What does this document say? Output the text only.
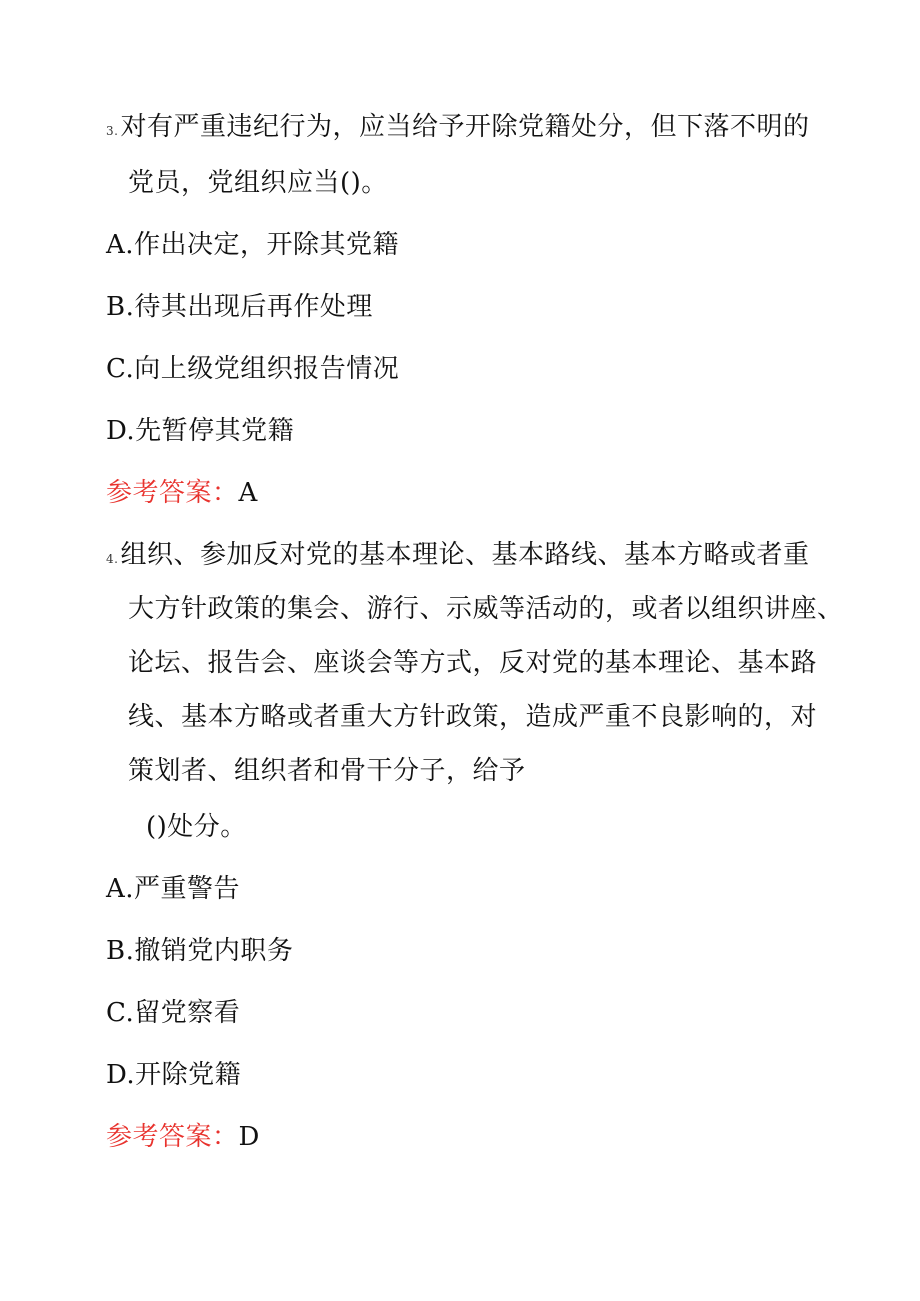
3.对有严重违纪行为，应当给予开除党籍处分，但下落不明的
党员，党组织应当()。
A.作出决定，开除其党籍
B.待其出现后再作处理
C.向上级党组织报告情况
D.先暂停其党籍
参考答案：A
4.组织、参加反对党的基本理论、基本路线、基本方略或者重
大方针政策的集会、游行、示威等活动的，或者以组织讲座、
论坛、报告会、座谈会等方式，反对党的基本理论、基本路
线、基本方略或者重大方针政策，造成严重不良影响的，对
策划者、组织者和骨干分子，给予
()处分。
A.严重警告
B.撤销党内职务
C.留党察看
D.开除党籍
参考答案：D
